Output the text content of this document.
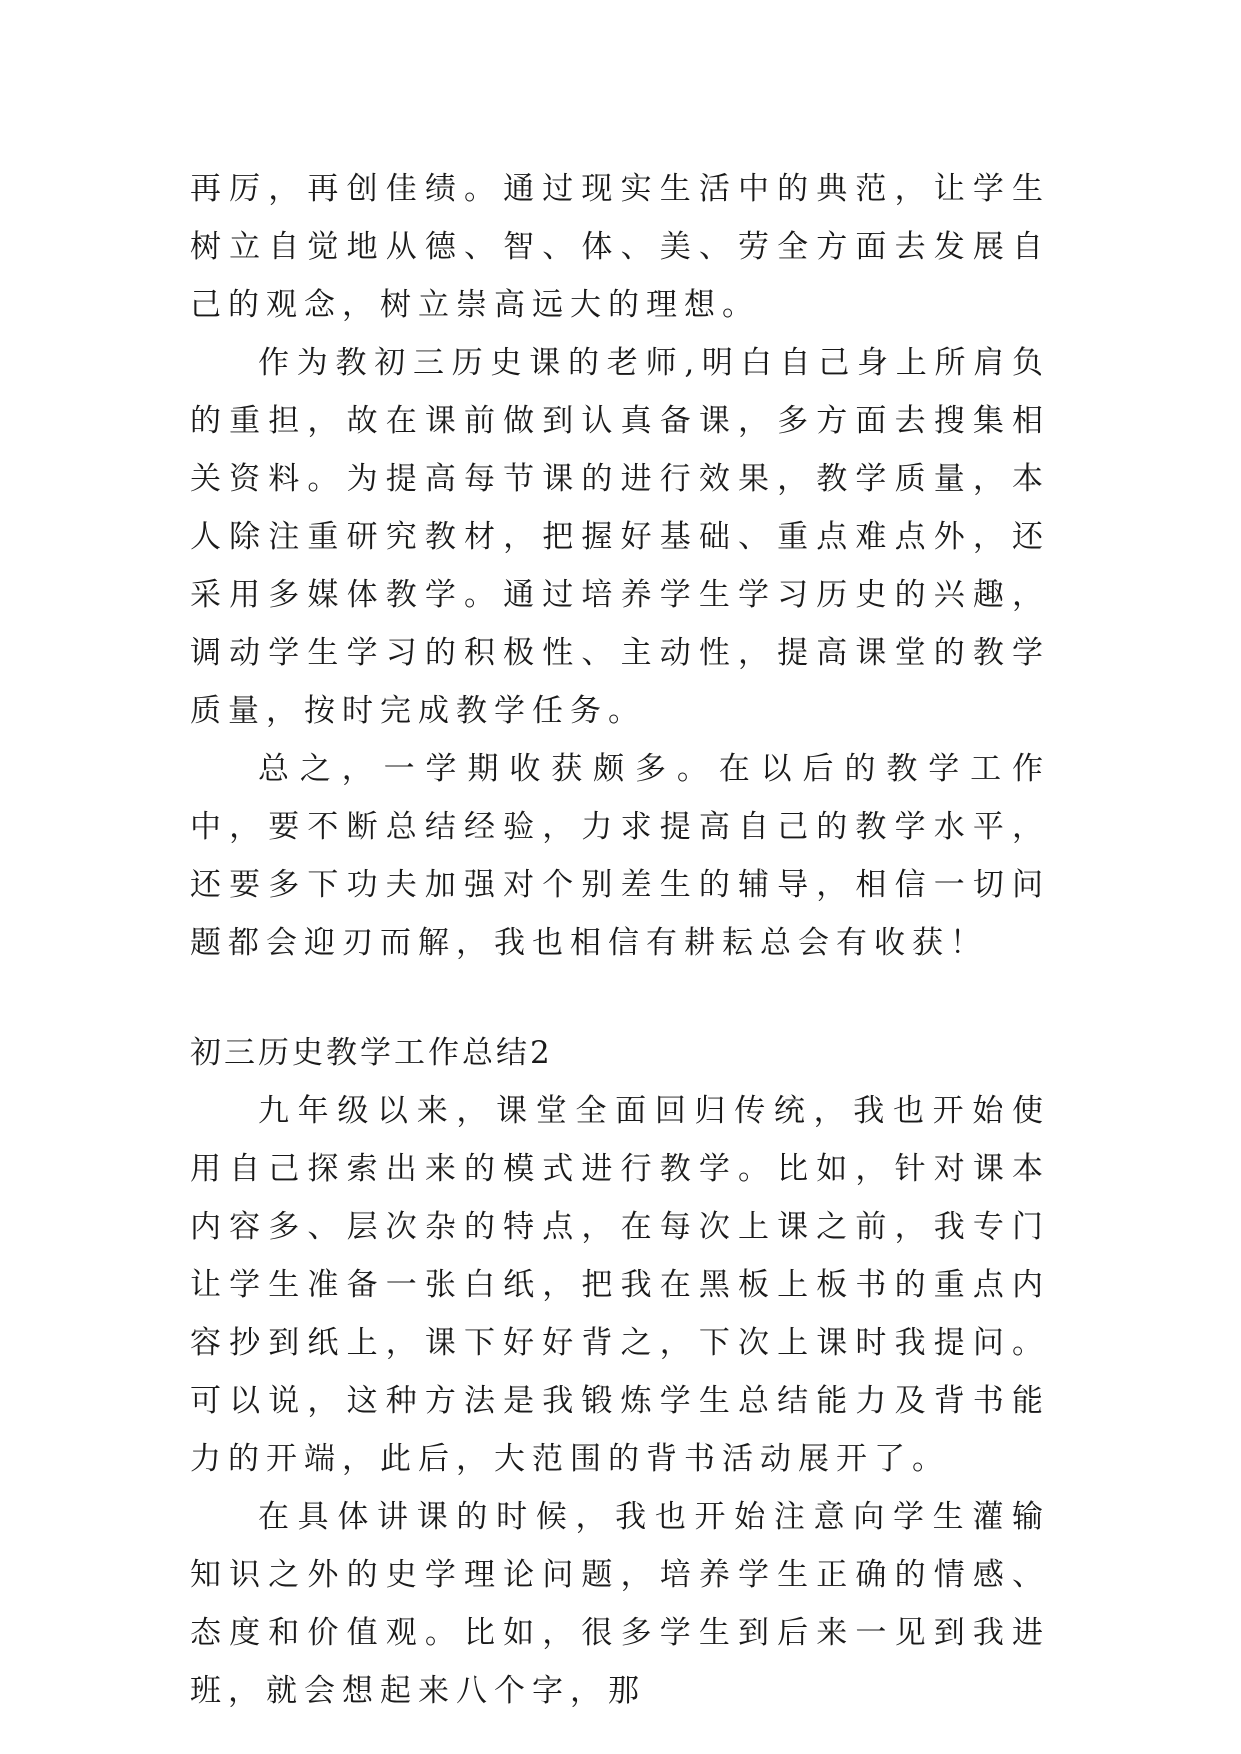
再厉，再创佳绩。通过现实生活中的典范，让学生树立自觉地从德、智、体、美、劳全方面去发展自己的观念，树立崇高远大的理想。

作为教初三历史课的老师,明白自己身上所肩负的重担，故在课前做到认真备课，多方面去搜集相关资料。为提高每节课的进行效果，教学质量，本人除注重研究教材，把握好基础、重点难点外，还采用多媒体教学。通过培养学生学习历史的兴趣，调动学生学习的积极性、主动性，提高课堂的教学质量，按时完成教学任务。

总之，一学期收获颇多。在以后的教学工作中，要不断总结经验，力求提高自己的教学水平，还要多下功夫加强对个别差生的辅导，相信一切问题都会迎刃而解，我也相信有耕耘总会有收获！

初三历史教学工作总结2

九年级以来，课堂全面回归传统，我也开始使用自己探索出来的模式进行教学。比如，针对课本内容多、层次杂的特点，在每次上课之前，我专门让学生准备一张白纸，把我在黑板上板书的重点内容抄到纸上，课下好好背之，下次上课时我提问。可以说，这种方法是我锻炼学生总结能力及背书能力的开端，此后，大范围的背书活动展开了。

在具体讲课的时候，我也开始注意向学生灌输知识之外的史学理论问题，培养学生正确的情感、态度和价值观。比如，很多学生到后来一见到我进班，就会想起来八个字，那
